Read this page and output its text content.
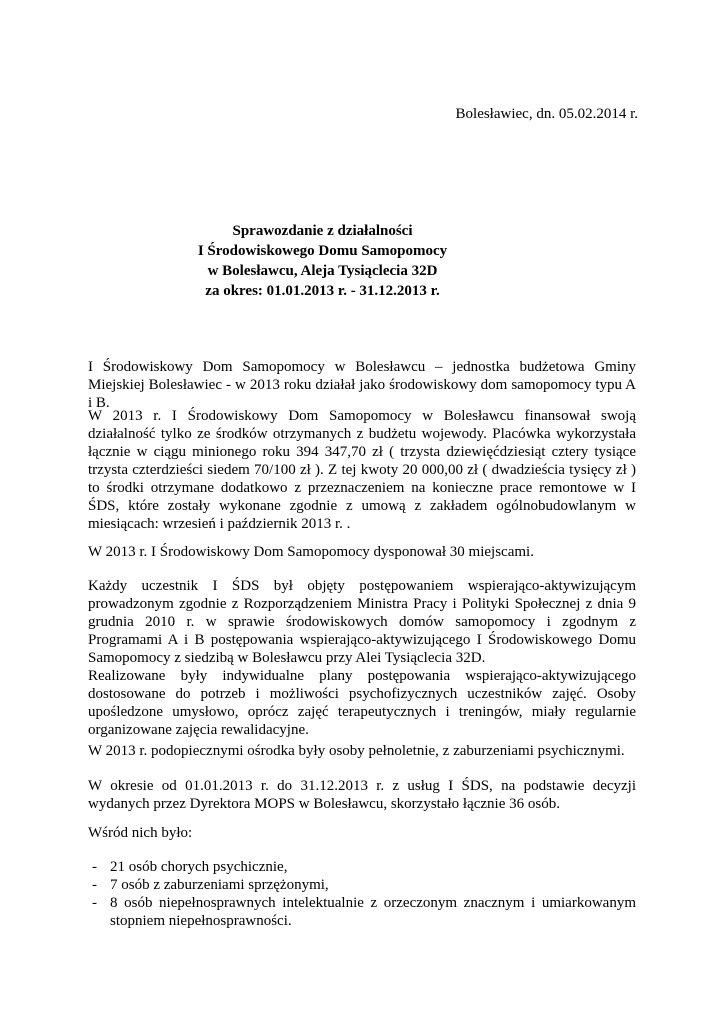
Bolesławiec, dn. 05.02.2014 r.
Sprawozdanie z działalności
I Środowiskowego Domu Samopomocy
w Bolesławcu, Aleja Tysiąclecia 32D
za okres: 01.01.2013 r. - 31.12.2013 r.

I Środowiskowy Dom Samopomocy w Bolesławcu – jednostka budżetowa Gminy Miejskiej Bolesławiec - w 2013 roku działał jako środowiskowy dom samopomocy typu A i B.

W 2013 r. I Środowiskowy Dom Samopomocy w Bolesławcu finansował swoją działalność tylko ze środków otrzymanych z budżetu wojewody. Placówka wykorzystała łącznie w ciągu minionego roku 394 347,70 zł ( trzysta dziewięćdziesiąt cztery tysiące trzysta czterdzieści siedem 70/100 zł ). Z tej kwoty 20 000,00 zł ( dwadzieścia tysięcy zł ) to środki otrzymane dodatkowo z przeznaczeniem na konieczne prace remontowe w I ŚDS, które zostały wykonane zgodnie z umową z zakładem ogólnobudowlanym w miesiącach: wrzesień i październik 2013 r. .

W 2013 r. I Środowiskowy Dom Samopomocy dysponował 30 miejscami.

Każdy uczestnik I ŚDS był objęty postępowaniem wspierająco-aktywizującym prowadzonym zgodnie z Rozporządzeniem Ministra Pracy i Polityki Społecznej z dnia 9 grudnia 2010 r. w sprawie środowiskowych domów samopomocy i zgodnym z Programami A i B postępowania wspierająco-aktywizującego I Środowiskowego Domu Samopomocy z siedzibą w Bolesławcu przy Alei Tysiąclecia 32D.

Realizowane były indywidualne plany postępowania wspierająco-aktywizującego dostosowane do potrzeb i możliwości psychofizycznych uczestników zajęć. Osoby upośledzone umysłowo, oprócz zajęć terapeutycznych i treningów, miały regularnie organizowane zajęcia rewalidacyjne.

W 2013 r. podopiecznymi ośrodka były osoby pełnoletnie, z zaburzeniami psychicznymi.

W okresie od 01.01.2013 r. do 31.12.2013 r. z usług I ŚDS, na podstawie decyzji wydanych przez Dyrektora MOPS w Bolesławcu, skorzystało łącznie 36 osób.

Wśród nich było:

- 21 osób chorych psychicznie,
- 7 osób z zaburzeniami sprzężonymi,
- 8 osób niepełnosprawnych intelektualnie z orzeczonym znacznym i umiarkowanym stopniem niepełnosprawności.
